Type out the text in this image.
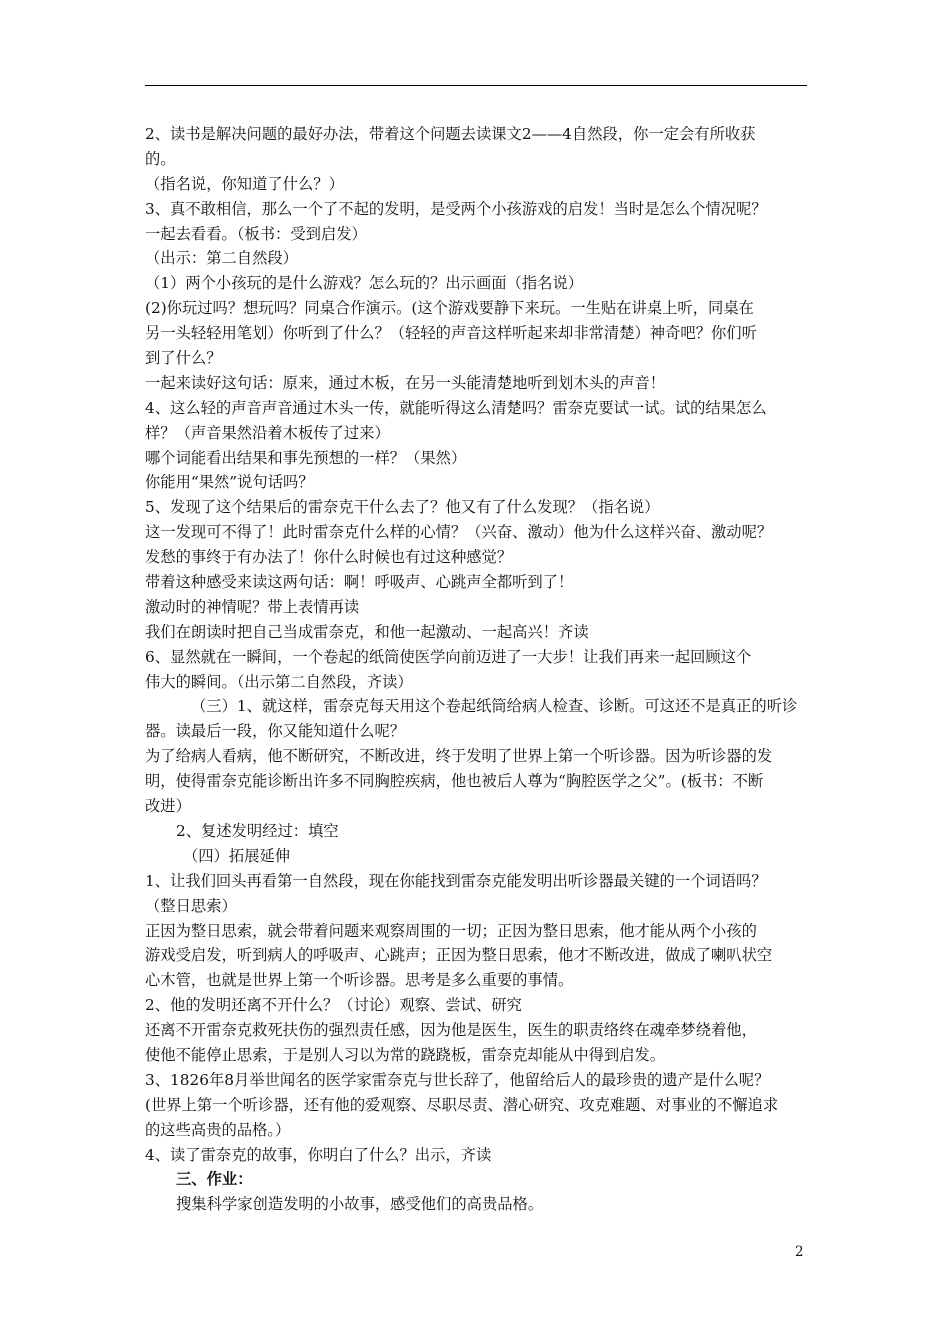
2、读书是解决问题的最好办法，带着这个问题去读课文2——4自然段，你一定会有所收获
的。
（指名说，你知道了什么？）
3、真不敢相信，那么一个了不起的发明，是受两个小孩游戏的启发！当时是怎么个情况呢？
一起去看看。（板书：受到启发）
（出示：第二自然段）
（1）两个小孩玩的是什么游戏？怎么玩的？出示画面（指名说）
(2)你玩过吗？想玩吗？同桌合作演示。(这个游戏要静下来玩。一生贴在讲桌上听，同桌在
另一头轻轻用笔划）你听到了什么？（轻轻的声音这样听起来却非常清楚）神奇吧？你们听
到了什么？
一起来读好这句话：原来，通过木板，在另一头能清楚地听到划木头的声音！
4、这么轻的声音声音通过木头一传，就能听得这么清楚吗？雷奈克要试一试。试的结果怎么
样？（声音果然沿着木板传了过来）
哪个词能看出结果和事先预想的一样？（果然）
你能用“果然”说句话吗？
5、发现了这个结果后的雷奈克干什么去了？他又有了什么发现？（指名说）
这一发现可不得了！此时雷奈克什么样的心情？（兴奋、激动）他为什么这样兴奋、激动呢？
发愁的事终于有办法了！你什么时候也有过这种感觉？
带着这种感受来读这两句话：啊！呼吸声、心跳声全都听到了！
激动时的神情呢？带上表情再读
我们在朗读时把自己当成雷奈克，和他一起激动、一起高兴！齐读
6、显然就在一瞬间，一个卷起的纸筒使医学向前迈进了一大步！让我们再来一起回顾这个
伟大的瞬间。（出示第二自然段，齐读）
（三）1、就这样，雷奈克每天用这个卷起纸筒给病人检查、诊断。可这还不是真正的听诊
器。读最后一段，你又能知道什么呢？
为了给病人看病，他不断研究，不断改进，终于发明了世界上第一个听诊器。因为听诊器的发
明，使得雷奈克能诊断出许多不同胸腔疾病，他也被后人尊为“胸腔医学之父”。(板书：不断
改进）
2、复述发明经过：填空
（四）拓展延伸
1、让我们回头再看第一自然段，现在你能找到雷奈克能发明出听诊器最关键的一个词语吗？
（整日思索）
正因为整日思索，就会带着问题来观察周围的一切；正因为整日思索，他才能从两个小孩的
游戏受启发，听到病人的呼吸声、心跳声；正因为整日思索，他才不断改进，做成了喇叭状空
心木管，也就是世界上第一个听诊器。思考是多么重要的事情。
2、他的发明还离不开什么？（讨论）观察、尝试、研究
还离不开雷奈克救死扶伤的强烈责任感，因为他是医生，医生的职责络终在魂牵梦绕着他，
使他不能停止思索，于是别人习以为常的跷跷板，雷奈克却能从中得到启发。
3、1826年8月举世闻名的医学家雷奈克与世长辞了，他留给后人的最珍贵的遗产是什么呢？
(世界上第一个听诊器，还有他的爱观察、尽职尽责、潜心研究、攻克难题、对事业的不懈追求
的这些高贵的品格。）
4、读了雷奈克的故事，你明白了什么？出示，齐读
三、作业：
搜集科学家创造发明的小故事，感受他们的高贵品格。
2
